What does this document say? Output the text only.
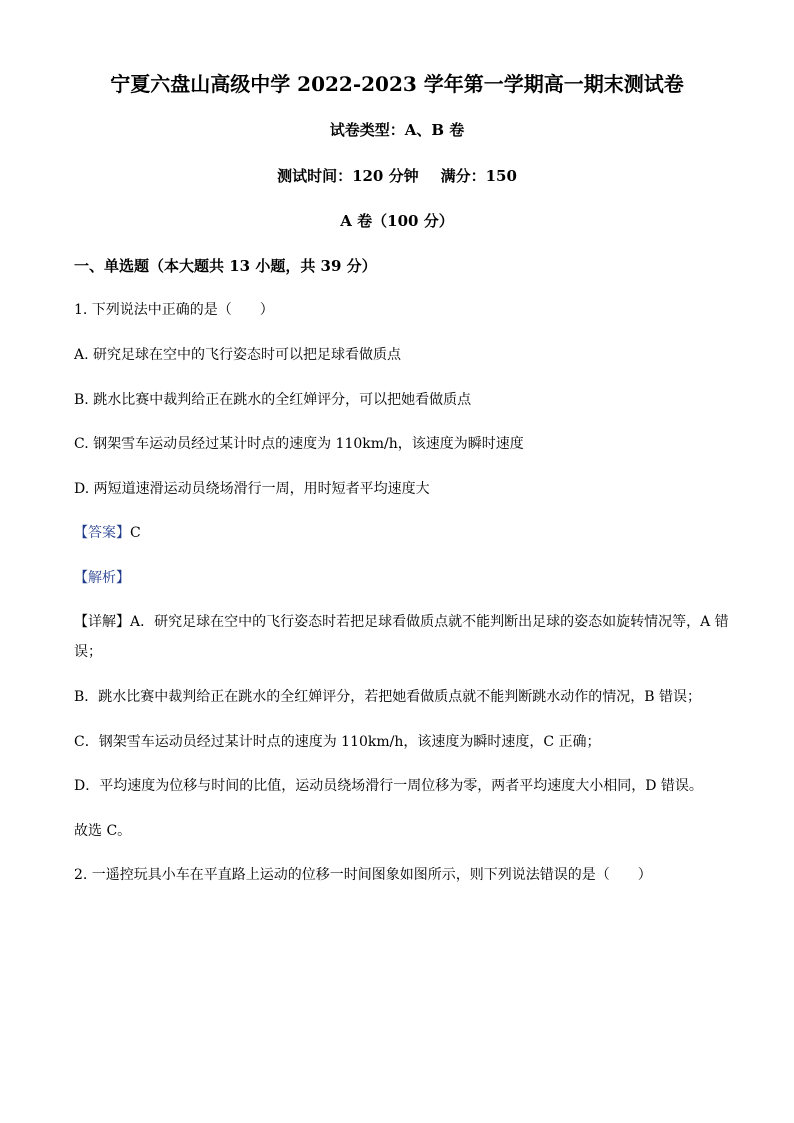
宁夏六盘山高级中学 2022-2023 学年第一学期高一期末测试卷
试卷类型：A、B 卷
测试时间：120 分钟 满分：150
A 卷（100 分）
一、单选题（本大题共 13 小题，共 39 分）
1. 下列说法中正确的是（　　）
A. 研究足球在空中的飞行姿态时可以把足球看做质点
B. 跳水比赛中裁判给正在跳水的全红婵评分，可以把她看做质点
C. 钢架雪车运动员经过某计时点的速度为 110km/h，该速度为瞬时速度
D. 两短道速滑运动员绕场滑行一周，用时短者平均速度大
【答案】C
【解析】
【详解】A．研究足球在空中的飞行姿态时若把足球看做质点就不能判断出足球的姿态如旋转情况等，A 错
误；
B．跳水比赛中裁判给正在跳水的全红婵评分，若把她看做质点就不能判断跳水动作的情况，B 错误；
C．钢架雪车运动员经过某计时点的速度为 110km/h，该速度为瞬时速度，C 正确；
D．平均速度为位移与时间的比值，运动员绕场滑行一周位移为零，两者平均速度大小相同，D 错误。
故选 C。
2. 一遥控玩具小车在平直路上运动的位移一时间图象如图所示，则下列说法错误的是（　　）
